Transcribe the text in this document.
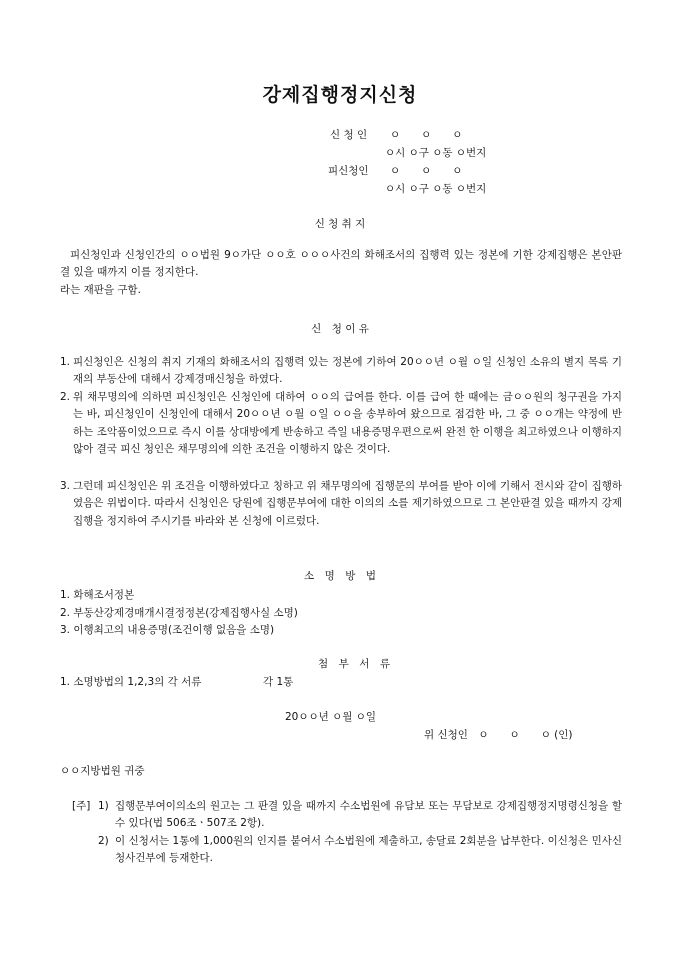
강제집행정지신청
신 청 인 ㅇ　　ㅇ　　ㅇ
ㅇ시 ㅇ구 ㅇ동 ㅇ번지
피신청인 ㅇ　　ㅇ　　ㅇ
ㅇ시 ㅇ구 ㅇ동 ㅇ번지
신 청 취 지
피신청인과 신청인간의 ㅇㅇ법원 9ㅇ가단 ㅇㅇ호 ㅇㅇㅇ사건의 화해조서의 집행력 있는 정본에 기한 강제집행은 본안판결 있을 때까지 이를 정지한다.
라는 재판을 구함.
신　청 이 유
1. 피신청인은 신청의 취지 기재의 화해조서의 집행력 있는 정본에 기하여 20ㅇㅇ년 ㅇ월 ㅇ일 신청인 소유의 별지 목록 기재의 부동산에 대해서 강제경매신청을 하였다.
2. 위 채무명의에 의하면 피신청인은 신청인에 대하여 ㅇㅇ의 급여를 한다. 이를 급여 한 때에는 금ㅇㅇ원의 청구권을 가지는 바, 피신청인이 신청인에 대해서 20ㅇㅇ년 ㅇ월 ㅇ일 ㅇㅇ을 송부하여 왔으므로 점검한 바, 그 중 ㅇㅇ개는 약정에 반하는 조악품이었으므로 즉시 이를 상대방에게 반송하고 즉일 내용증명우편으로써 완전 한 이행을 최고하였으나 이행하지 않아 결국 피신 청인은 채무명의에 의한 조건을 이행하지 않은 것이다.
3. 그런데 피신청인은 위 조건을 이행하였다고 칭하고 위 채무명의에 집행문의 부여를 받아 이에 기해서 전시와 같이 집행하였음은 위법이다. 따라서 신청인은 당원에 집행문부여에 대한 이의의 소를 제기하였으므로 그 본안판결 있을 때까지 강제집행을 정지하여 주시기를 바라와 본 신청에 이르렀다.
소　명　방　법
1. 화해조서정본
2. 부동산강제경매개시결정정본(강제집행사실 소명)
3. 이행최고의 내용증명(조건이행 없음을 소명)
첨　부　서　류
1. 소명방법의 1,2,3의 각 서류	각 1통
20ㅇㅇ년 ㅇ월 ㅇ일
위 신청인　ㅇ　　ㅇ　　ㅇ (인)
ㅇㅇ지방법원 귀중
[주] 1) 집행문부여이의소의 원고는 그 판결 있을 때까지 수소법원에 유담보 또는 무담보로 강제집행정지명령신청을 할 수 있다(법 506조ㆍ507조 2항).
2) 이 신청서는 1통에 1,000원의 인지를 붙여서 수소법원에 제출하고, 송달료 2회분을 납부한다. 이신청은 민사신청사건부에 등재한다.
